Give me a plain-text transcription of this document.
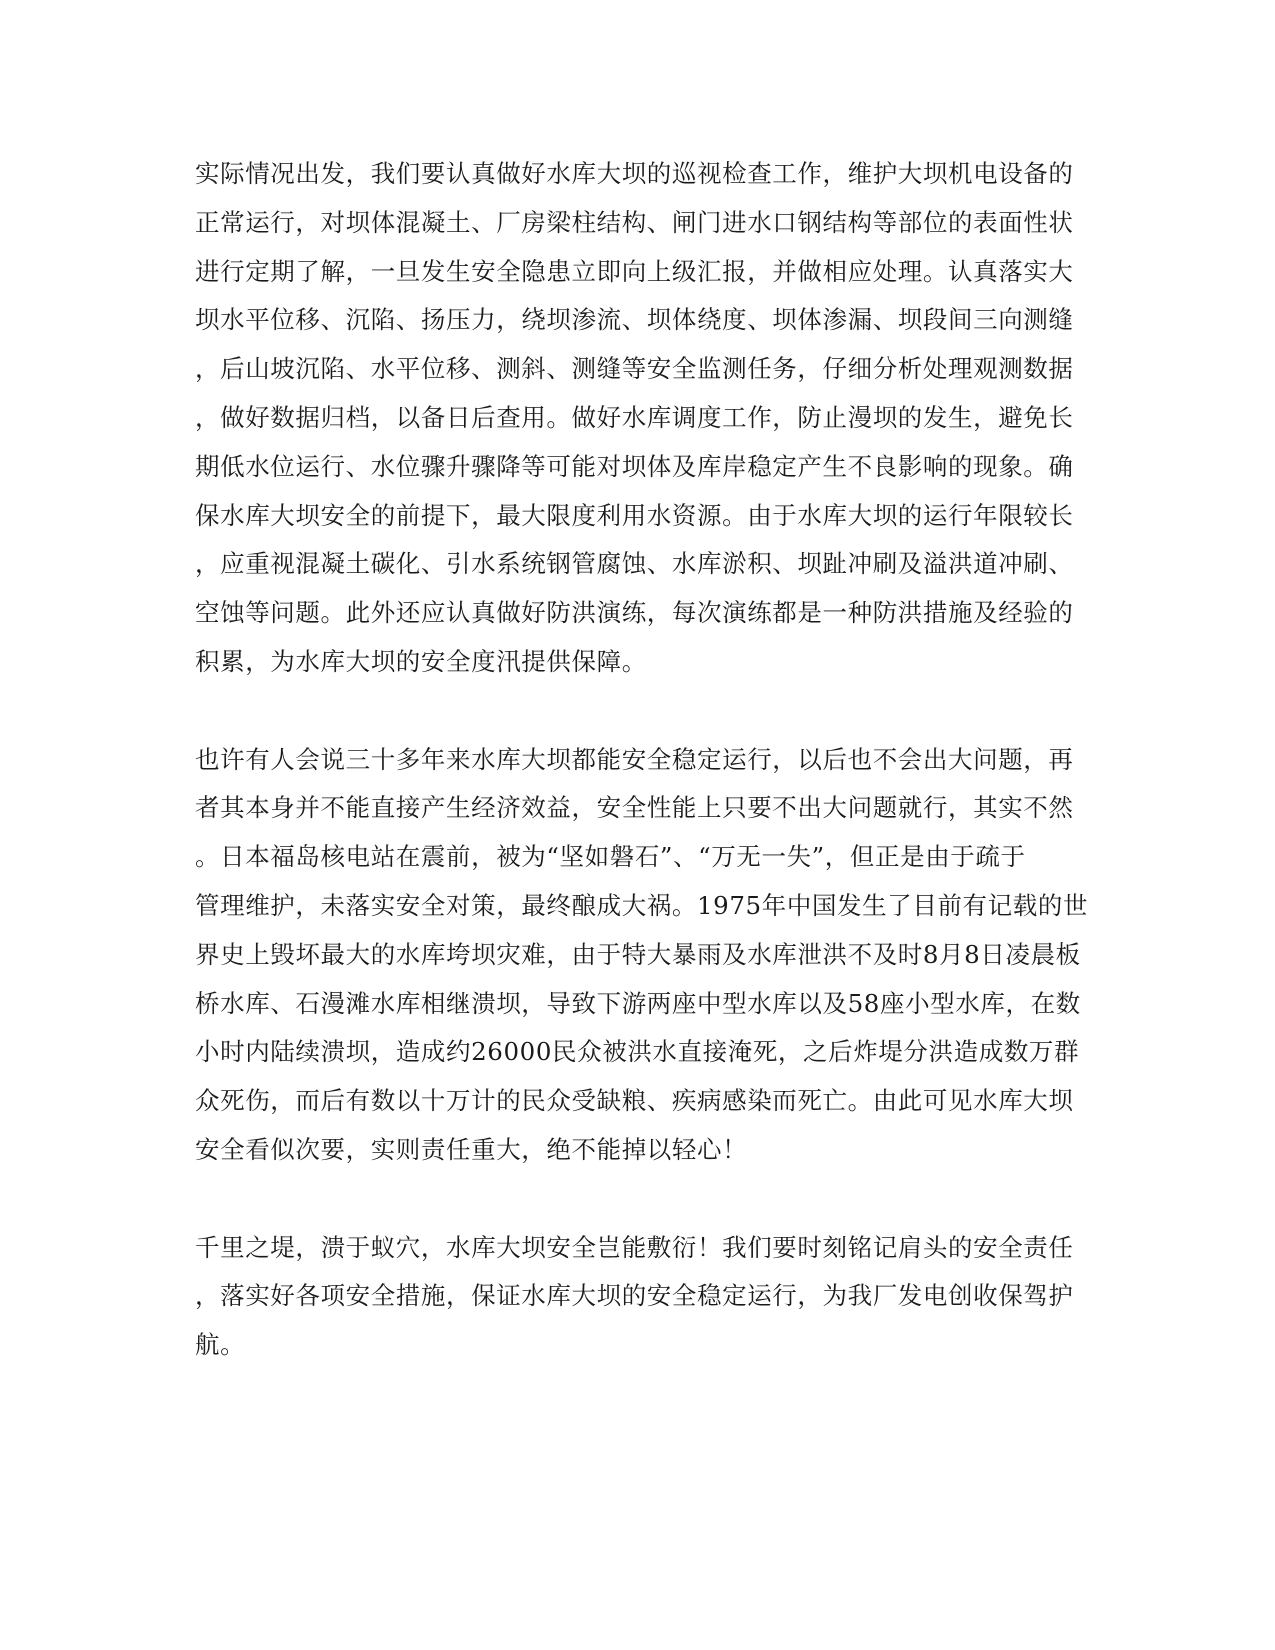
实际情况出发，我们要认真做好水库大坝的巡视检查工作，维护大坝机电设备的
正常运行，对坝体混凝土、厂房梁柱结构、闸门进水口钢结构等部位的表面性状
进行定期了解，一旦发生安全隐患立即向上级汇报，并做相应处理。认真落实大
坝水平位移、沉陷、扬压力，绕坝渗流、坝体绕度、坝体渗漏、坝段间三向测缝
，后山坡沉陷、水平位移、测斜、测缝等安全监测任务，仔细分析处理观测数据
，做好数据归档，以备日后查用。做好水库调度工作，防止漫坝的发生，避免长
期低水位运行、水位骤升骤降等可能对坝体及库岸稳定产生不良影响的现象。确
保水库大坝安全的前提下，最大限度利用水资源。由于水库大坝的运行年限较长
，应重视混凝土碳化、引水系统钢管腐蚀、水库淤积、坝趾冲刷及溢洪道冲刷、
空蚀等问题。此外还应认真做好防洪演练，每次演练都是一种防洪措施及经验的
积累，为水库大坝的安全度汛提供保障。
也许有人会说三十多年来水库大坝都能安全稳定运行，以后也不会出大问题，再
者其本身并不能直接产生经济效益，安全性能上只要不出大问题就行，其实不然
。日本福岛核电站在震前，被为“坚如磐石”、“万无一失”，但正是由于疏于
管理维护，未落实安全对策，最终酿成大祸。1975年中国发生了目前有记载的世
界史上毁坏最大的水库垮坝灾难，由于特大暴雨及水库泄洪不及时8月8日凌晨板
桥水库、石漫滩水库相继溃坝，导致下游两座中型水库以及58座小型水库，在数
小时内陆续溃坝，造成约26000民众被洪水直接淹死，之后炸堤分洪造成数万群
众死伤，而后有数以十万计的民众受缺粮、疾病感染而死亡。由此可见水库大坝
安全看似次要，实则责任重大，绝不能掉以轻心！
千里之堤，溃于蚁穴，水库大坝安全岂能敷衍！我们要时刻铭记肩头的安全责任
，落实好各项安全措施，保证水库大坝的安全稳定运行，为我厂发电创收保驾护
航。
